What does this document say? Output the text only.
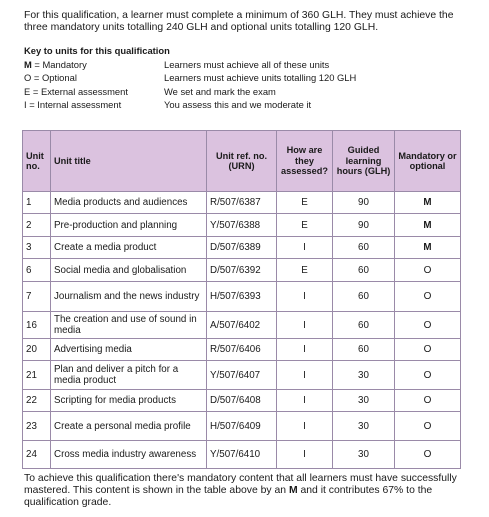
For this qualification, a learner must complete a minimum of 360 GLH. They must achieve the three mandatory units totalling 240 GLH and optional units totalling 120 GLH.
Key to units for this qualification
M = Mandatory	Learners must achieve all of these units
O = Optional	Learners must achieve units totalling 120 GLH
E = External assessment	We set and mark the exam
I = Internal assessment	You assess this and we moderate it
Unit no.	Unit title	Unit ref. no. (URN)	How are they assessed?	Guided learning hours (GLH)	Mandatory or optional
1	Media products and audiences	R/507/6387	E	90	M
2	Pre-production and planning	Y/507/6388	E	90	M
3	Create a media product	D/507/6389	I	60	M
6	Social media and globalisation	D/507/6392	E	60	O
7	Journalism and the news industry	H/507/6393	I	60	O
16	The creation and use of sound in media	A/507/6402	I	60	O
20	Advertising media	R/507/6406	I	60	O
21	Plan and deliver a pitch for a media product	Y/507/6407	I	30	O
22	Scripting for media products	D/507/6408	I	30	O
23	Create a personal media profile	H/507/6409	I	30	O
24	Cross media industry awareness	Y/507/6410	I	30	O
To achieve this qualification there's mandatory content that all learners must have successfully mastered. This content is shown in the table above by an M and it contributes 67% to the qualification grade.
